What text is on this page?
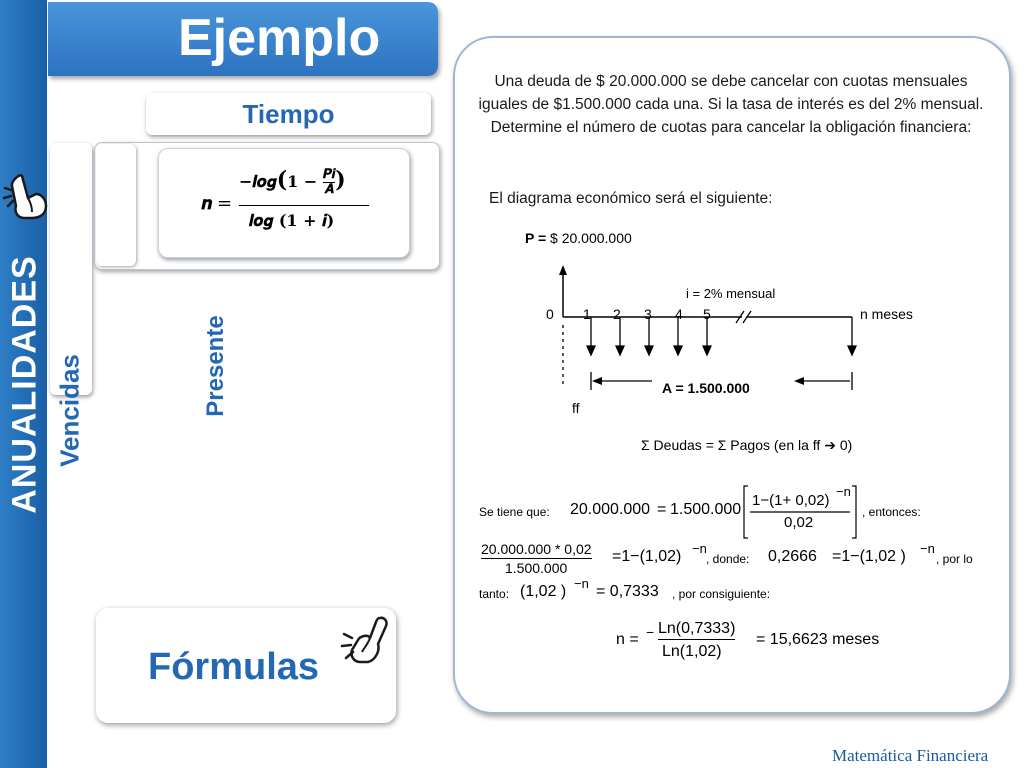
ANUALIDADES
Ejemplo
Tiempo
Vencidas	Presente
𝒏 =
−𝒍𝒐𝒈(𝟏 − 𝑷𝒊
𝑨 )
𝒍𝒐𝒈 (𝟏 + 𝒊)
Fórmulas
Una deuda de $ 20.000.000 se debe cancelar con cuotas mensuales iguales de $1.500.000 cada una. Si la tasa de interés es del 2% mensual. Determine el número de cuotas para cancelar la obligación financiera:
El diagrama económico será el siguiente:
P = $ 20.000.000
i = 2% mensual
0 1 2 3 4 5	n meses
A = 1.500.000
ff
Σ Deudas = Σ Pagos (en la ff ➔ 0)
Se tiene que: 20.000.000 = 1.500.000
1−(1+ 0,02)
−n
0,02
, entonces:
20.000.000 * 0,02
1.500.000
=1−(1,02) −n
, donde: 0,2666 =1−(1,02 ) −n
, por lo
tanto: (1,02 ) −n = 0,7333 , por consiguiente:
n = − Ln(0,7333)
Ln(1,02)
= 15,6623 meses
Matemática Financiera
